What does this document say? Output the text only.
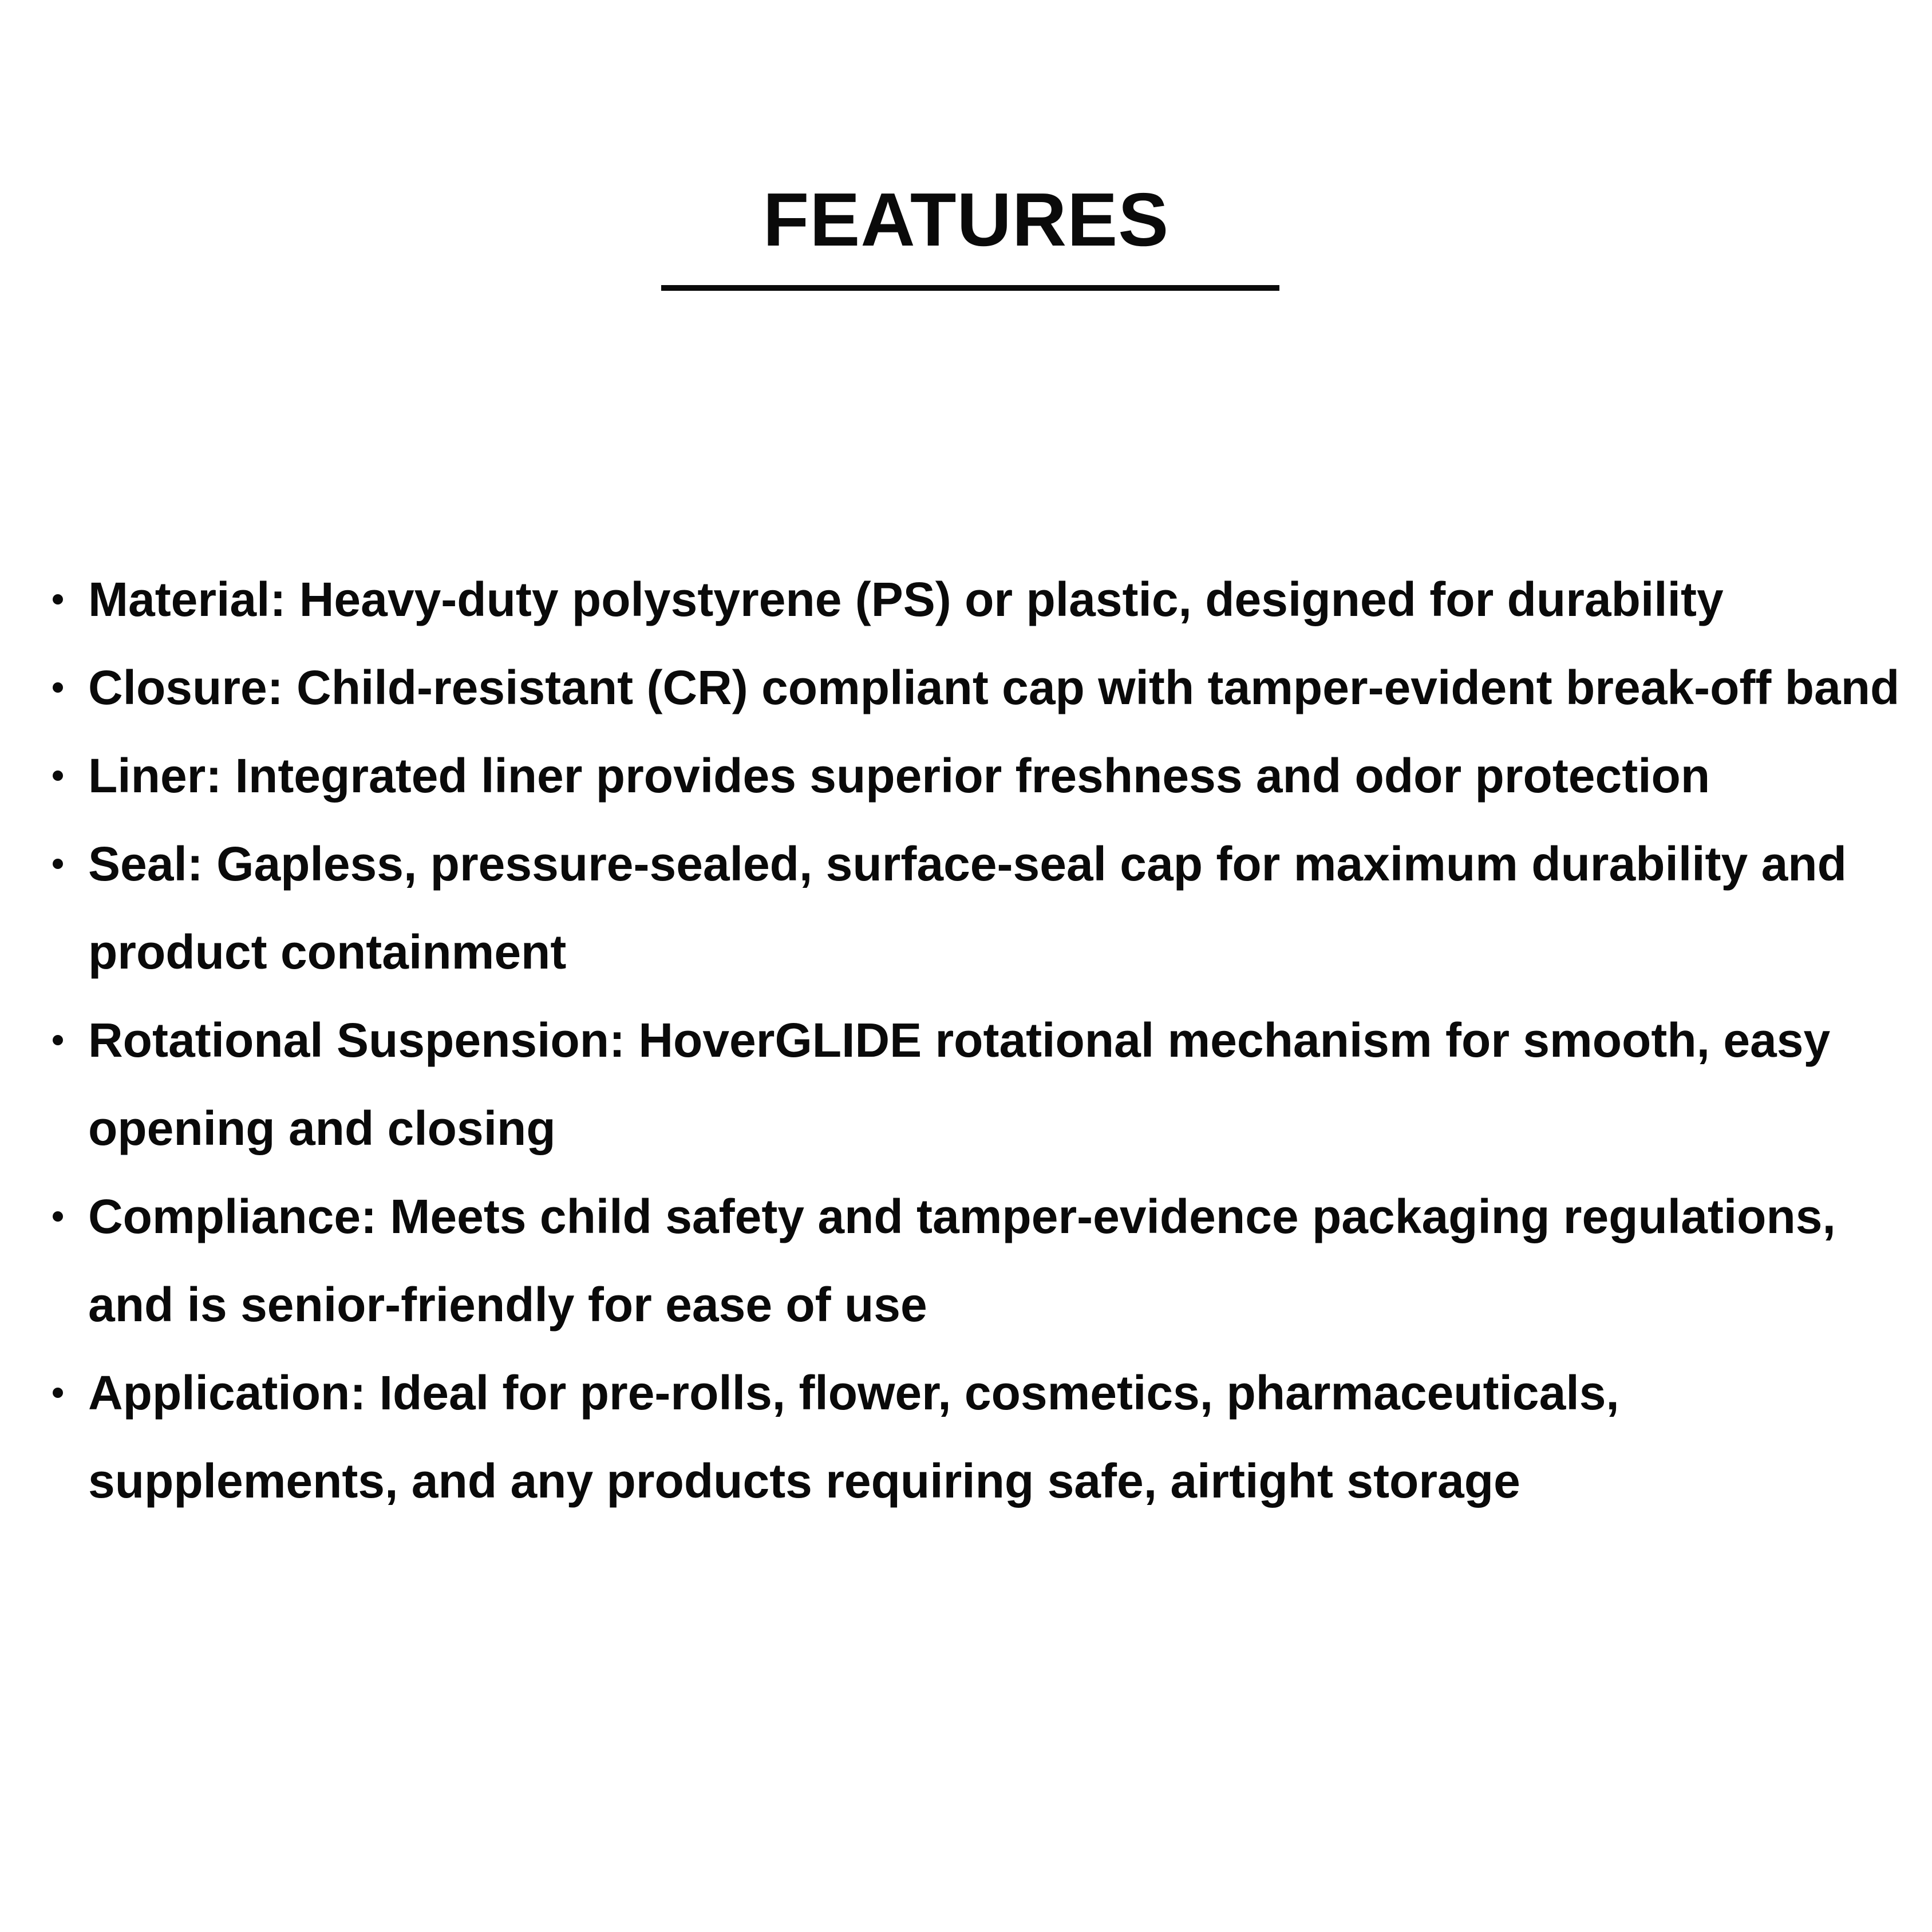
FEATURES
Material: Heavy-duty polystyrene (PS) or plastic, designed for durability
Closure: Child-resistant (CR) compliant cap with tamper-evident break-off band
Liner: Integrated liner provides superior freshness and odor protection
Seal: Gapless, pressure-sealed, surface-seal cap for maximum durability and product containment
Rotational Suspension: HoverGLIDE rotational mechanism for smooth, easy opening and closing
Compliance: Meets child safety and tamper-evidence packaging regulations, and is senior-friendly for ease of use
Application: Ideal for pre-rolls, flower, cosmetics, pharmaceuticals, supplements, and any products requiring safe, airtight storage
